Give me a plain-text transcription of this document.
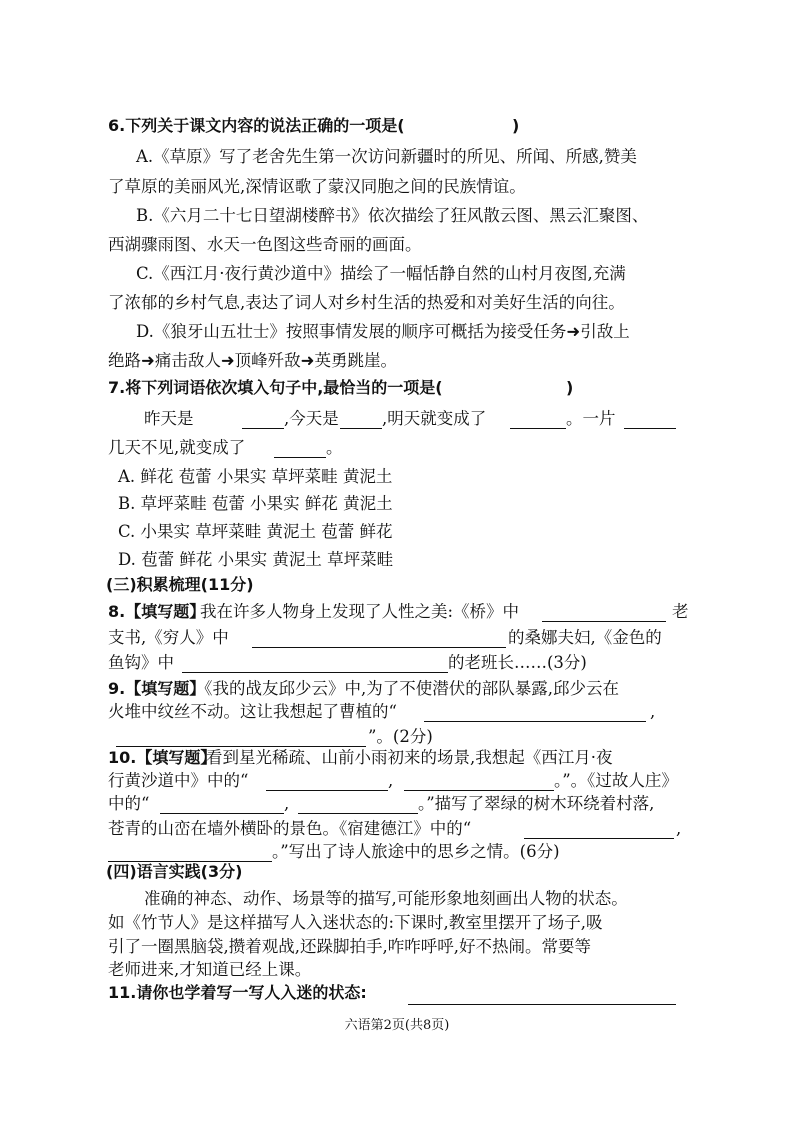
6.下列关于课文内容的说法正确的一项是(	)
A.《草原》写了老舍先生第一次访问新疆时的所见、所闻、所感,赞美
了草原的美丽风光,深情讴歌了蒙汉同胞之间的民族情谊。
B.《六月二十七日望湖楼醉书》依次描绘了狂风散云图、黑云汇聚图、
西湖骤雨图、水天一色图这些奇丽的画面。
C.《西江月·夜行黄沙道中》描绘了一幅恬静自然的山村月夜图,充满
了浓郁的乡村气息,表达了词人对乡村生活的热爱和对美好生活的向往。
D.《狼牙山五壮士》按照事情发展的顺序可概括为接受任务➜引敌上
绝路➜痛击敌人➜顶峰歼敌➜英勇跳崖。
7.将下列词语依次填入句子中,最恰当的一项是(	)
昨天是	,今天是	,明天就变成了	。一片
几天不见,就变成了	。
A. 鲜花 苞蕾 小果实 草坪菜畦 黄泥土
B. 草坪菜畦 苞蕾 小果实 鲜花 黄泥土
C. 小果实 草坪菜畦 黄泥土 苞蕾 鲜花
D. 苞蕾 鲜花 小果实 黄泥土 草坪菜畦
(三)积累梳理(11分)
8.【填写题】
我在许多人物身上发现了人性之美:《桥》中	老
支书,《穷人》中	的桑娜夫妇,《金色的
鱼钩》中	的老班长……(3分)
9.【填写题】
《我的战友邱少云》中,为了不使潜伏的部队暴露,邱少云在
火堆中纹丝不动。这让我想起了曹植的“	,
”。(2分)
10.【填写题】
看到星光稀疏、山前小雨初来的场景,我想起《西江月·夜
行黄沙道中》中的“	,	。”。《过故人庄》
中的“	,	。”描写了翠绿的树木环绕着村落,
苍青的山峦在墙外横卧的景色。《宿建德江》中的“	,
。”写出了诗人旅途中的思乡之情。(6分)
(四)语言实践(3分)
准确的神态、动作、场景等的描写,可能形象地刻画出人物的状态。
如《竹节人》是这样描写人入迷状态的:下课时,教室里摆开了场子,吸
引了一圈黑脑袋,攒着观战,还跺脚拍手,咋咋呼呼,好不热闹。常要等
老师进来,才知道已经上课。
11.请你也学着写一写人入迷的状态:
六语第2页(共8页)
